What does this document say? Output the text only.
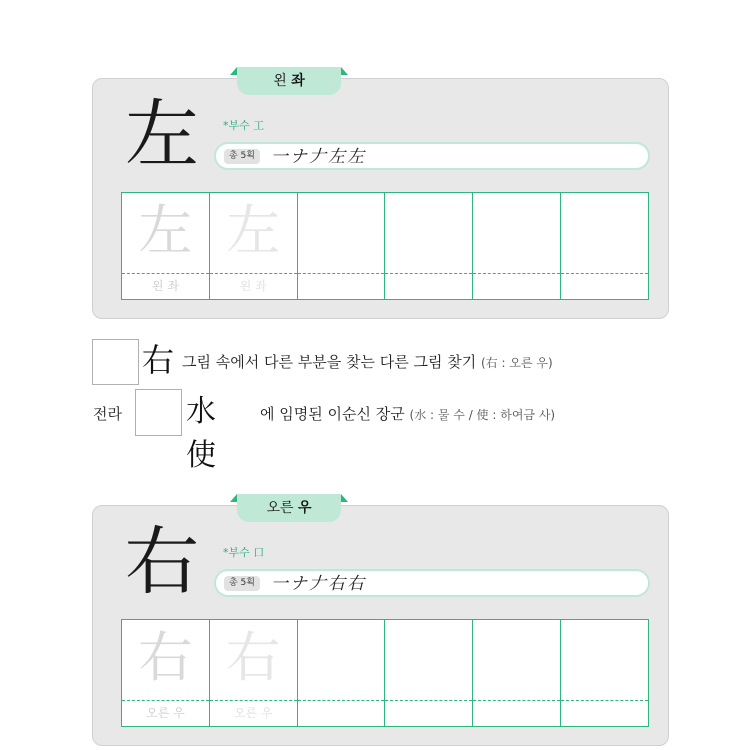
왼 좌
左 *부수 工
총 5획 一ナ𠂇左左
左
왼 좌
左
왼 좌
右 그림 속에서 다른 부분을 찾는 다른 그림 찾기 (右 : 오른 우)
전라 水使
에 임명된 이순신 장군 (水 : 물 수 / 使 : 하여금 사)
오른 우
右 *부수 口
총 5획 一ナ𠂇右右
右
오른 우
右
오른 우
